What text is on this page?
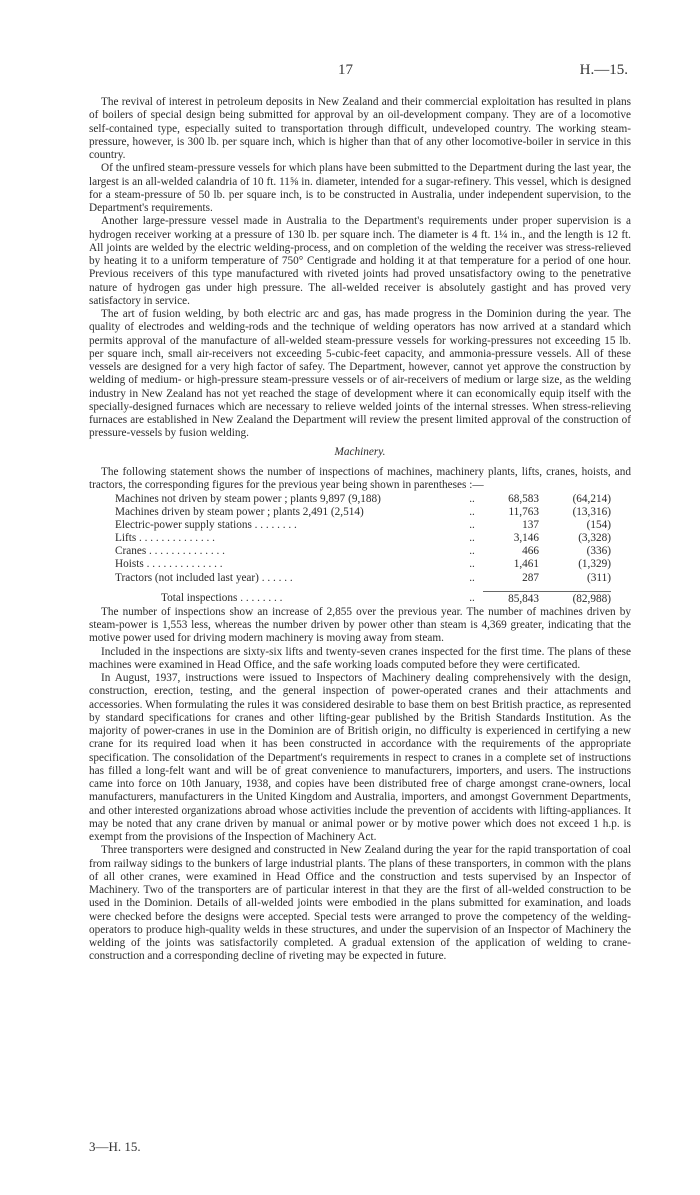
17	H.—15.

The revival of interest in petroleum deposits in New Zealand and their commercial exploitation has resulted in plans of boilers of special design being submitted for approval by an oil-development company. They are of a locomotive self-contained type, especially suited to transportation through difficult, undeveloped country. The working steam-pressure, however, is 300 lb. per square inch, which is higher than that of any other locomotive-boiler in service in this country.

Of the unfired steam-pressure vessels for which plans have been submitted to the Department during the last year, the largest is an all-welded calandria of 10 ft. 11⅝ in. diameter, intended for a sugar-refinery. This vessel, which is designed for a steam-pressure of 50 lb. per square inch, is to be constructed in Australia, under independent supervision, to the Department's requirements.

Another large-pressure vessel made in Australia to the Department's requirements under proper supervision is a hydrogen receiver working at a pressure of 130 lb. per square inch. The diameter is 4 ft. 1¼ in., and the length is 12 ft. All joints are welded by the electric welding-process, and on completion of the welding the receiver was stress-relieved by heating it to a uniform temperature of 750° Centigrade and holding it at that temperature for a period of one hour. Previous receivers of this type manufactured with riveted joints had proved unsatisfactory owing to the penetrative nature of hydrogen gas under high pressure. The all-welded receiver is absolutely gastight and has proved very satisfactory in service.

The art of fusion welding, by both electric arc and gas, has made progress in the Dominion during the year. The quality of electrodes and welding-rods and the technique of welding operators has now arrived at a standard which permits approval of the manufacture of all-welded steam-pressure vessels for working-pressures not exceeding 15 lb. per square inch, small air-receivers not exceeding 5-cubic-feet capacity, and ammonia-pressure vessels. All of these vessels are designed for a very high factor of safey. The Department, however, cannot yet approve the construction by welding of medium- or high-pressure steam-pressure vessels or of air-receivers of medium or large size, as the welding industry in New Zealand has not yet reached the stage of development where it can economically equip itself with the specially-designed furnaces which are necessary to relieve welded joints of the internal stresses. When stress-relieving furnaces are established in New Zealand the Department will review the present limited approval of the construction of pressure-vessels by fusion welding.

Machinery.

The following statement shows the number of inspections of machines, machinery plants, lifts, cranes, hoists, and tractors, the corresponding figures for the previous year being shown in parentheses :—

Machines not driven by steam power ; plants 9,897 (9,188)	..	68,583	(64,214)
Machines driven by steam power ; plants 2,491 (2,514)	..	11,763	(13,316)
Electric-power supply stations . . . . . . . .	..	137	(154)
Lifts . . . . . . . . . . . . . .	..	3,146	(3,328)
Cranes . . . . . . . . . . . . . .	..	466	(336)
Hoists . . . . . . . . . . . . . .	..	1,461	(1,329)
Tractors (not included last year) . . . . . .	..	287	(311)

Total inspections . . . . . . . .	..	85,843	(82,988)

The number of inspections show an increase of 2,855 over the previous year. The number of machines driven by steam-power is 1,553 less, whereas the number driven by power other than steam is 4,369 greater, indicating that the motive power used for driving modern machinery is moving away from steam.

Included in the inspections are sixty-six lifts and twenty-seven cranes inspected for the first time. The plans of these machines were examined in Head Office, and the safe working loads computed before they were certificated.

In August, 1937, instructions were issued to Inspectors of Machinery dealing comprehensively with the design, construction, erection, testing, and the general inspection of power-operated cranes and their attachments and accessories. When formulating the rules it was considered desirable to base them on best British practice, as represented by standard specifications for cranes and other lifting-gear published by the British Standards Institution. As the majority of power-cranes in use in the Dominion are of British origin, no difficulty is experienced in certifying a new crane for its required load when it has been constructed in accordance with the requirements of the appropriate specification. The consolidation of the Department's requirements in respect to cranes in a complete set of instructions has filled a long-felt want and will be of great convenience to manufacturers, importers, and users. The instructions came into force on 10th January, 1938, and copies have been distributed free of charge amongst crane-owners, local manufacturers, manufacturers in the United Kingdom and Australia, importers, and amongst Government Departments, and other interested organizations abroad whose activities include the prevention of accidents with lifting-appliances. It may be noted that any crane driven by manual or animal power or by motive power which does not exceed 1 h.p. is exempt from the provisions of the Inspection of Machinery Act.

Three transporters were designed and constructed in New Zealand during the year for the rapid transportation of coal from railway sidings to the bunkers of large industrial plants. The plans of these transporters, in common with the plans of all other cranes, were examined in Head Office and the construction and tests supervised by an Inspector of Machinery. Two of the transporters are of particular interest in that they are the first of all-welded construction to be used in the Dominion. Details of all-welded joints were embodied in the plans submitted for examination, and loads were checked before the designs were accepted. Special tests were arranged to prove the competency of the welding-operators to produce high-quality welds in these structures, and under the supervision of an Inspector of Machinery the welding of the joints was satisfactorily completed. A gradual extension of the application of welding to crane-construction and a corresponding decline of riveting may be expected in future.

3—H. 15.
